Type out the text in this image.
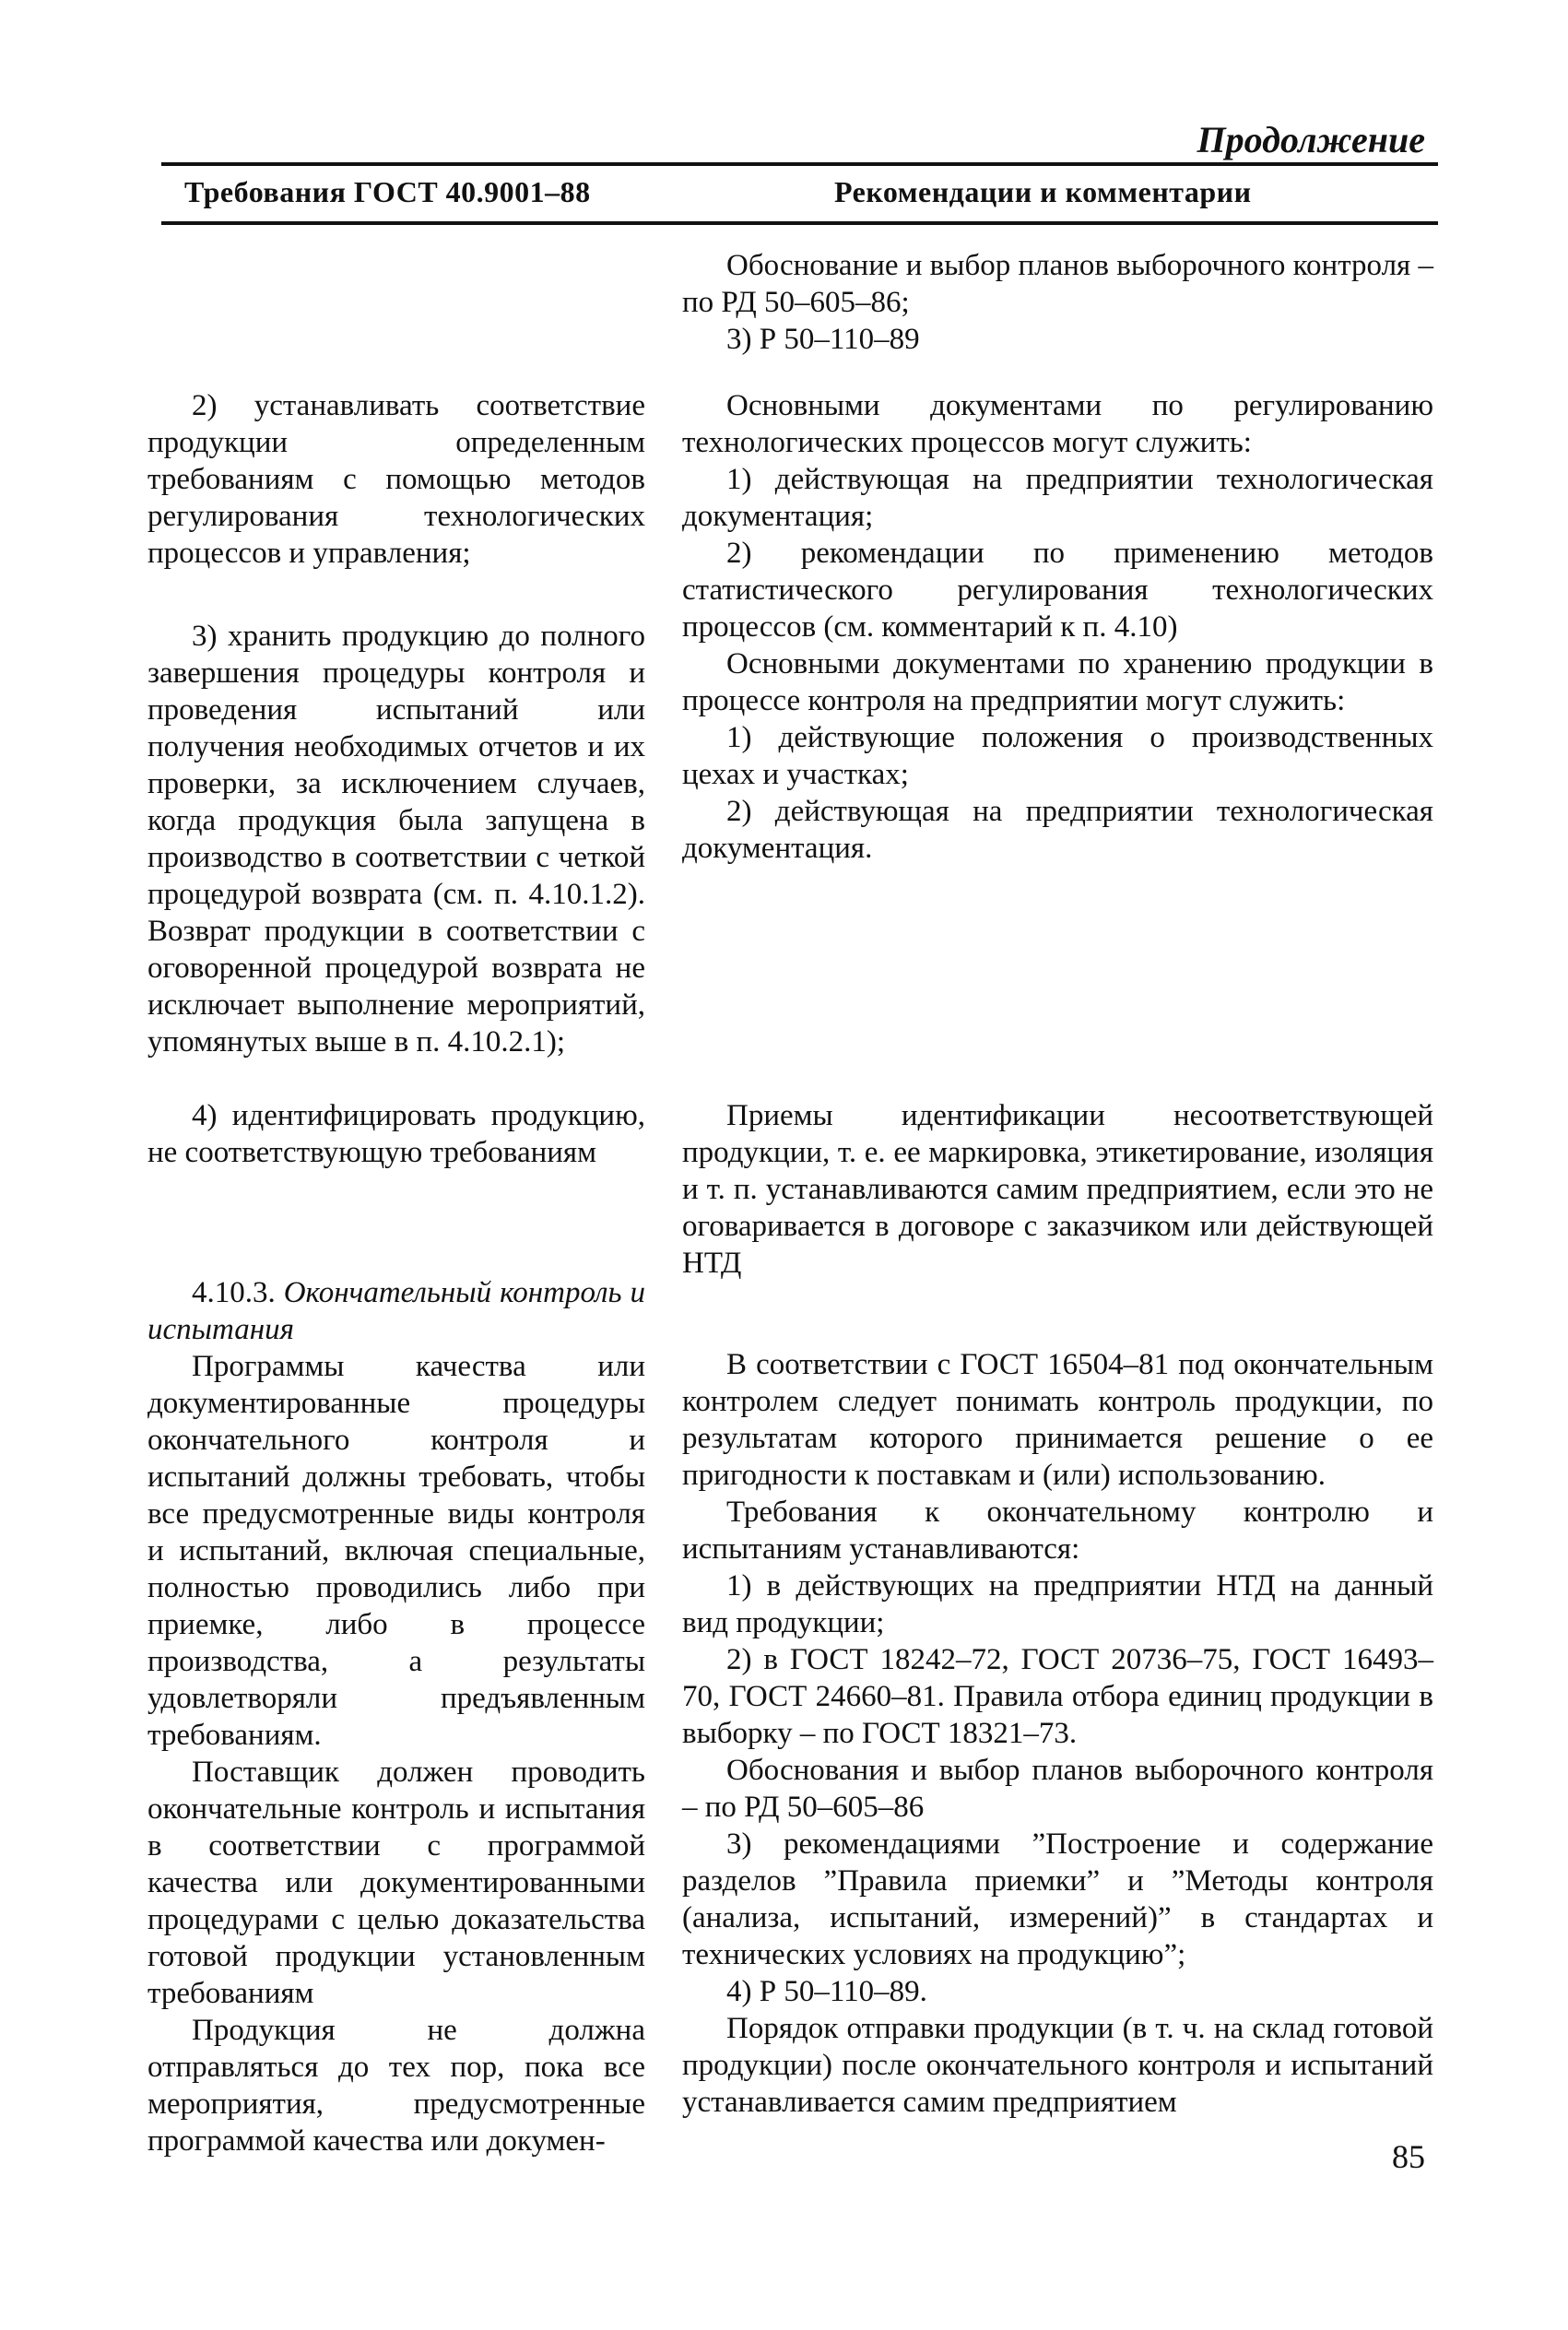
Продолжение

Требования ГОСТ 40.9001–88	Рекомендации и комментарии

2) устанавливать соответствие продукции определенным требованиям с помощью методов регулирования технологических процессов и управления;

3) хранить продукцию до полного завершения процедуры контроля и проведения испытаний или получения необходимых отчетов и их проверки, за исключением случаев, когда продукция была запущена в производство в соответствии с четкой процедурой возврата (см. п. 4.10.1.2). Возврат продукции в соответствии с оговоренной процедурой возврата не исключает выполнение мероприятий, упомянутых выше в п. 4.10.2.1);

4) идентифицировать продукцию, не соответствующую требованиям

4.10.3. Окончательный контроль и испытания

Программы качества или документированные процедуры окончательного контроля и испытаний должны требовать, чтобы все предусмотренные виды контроля и испытаний, включая специальные, полностью проводились либо при приемке, либо в процессе производства, а результаты удовлетворяли предъявленным требованиям.

Поставщик должен проводить окончательные контроль и испытания в соответствии с программой качества или документированными процедурами с целью доказательства готовой продукции установленным требованиям

Продукция не должна отправляться до тех пор, пока все мероприятия, предусмотренные программой качества или докумен-

Обоснование и выбор планов выборочного контроля – по РД 50–605–86;

3) Р 50–110–89

Основными документами по регулированию технологических процессов могут служить:

1) действующая на предприятии технологическая документация;

2) рекомендации по применению методов статистического регулирования технологических процессов (см. комментарий к п. 4.10)

Основными документами по хранению продукции в процессе контроля на предприятии могут служить:

1) действующие положения о производственных цехах и участках;

2) действующая на предприятии технологическая документация.

Приемы идентификации несоответствующей продукции, т. е. ее маркировка, этикетирование, изоляция и т. п. устанавливаются самим предприятием, если это не оговаривается в договоре с заказчиком или действующей НТД

В соответствии с ГОСТ 16504–81 под окончательным контролем следует понимать контроль продукции, по результатам которого принимается решение о ее пригодности к поставкам и (или) использованию.

Требования к окончательному контролю и испытаниям устанавливаются:

1) в действующих на предприятии НТД на данный вид продукции;

2) в ГОСТ 18242–72, ГОСТ 20736–75, ГОСТ 16493–70, ГОСТ 24660–81. Правила отбора единиц продукции в выборку – по ГОСТ 18321–73.

Обоснования и выбор планов выборочного контроля – по РД 50–605–86

3) рекомендациями ”Построение и содержание разделов ”Правила приемки” и ”Методы контроля (анализа, испытаний, измерений)” в стандартах и технических условиях на продукцию”;

4) Р 50–110–89.

Порядок отправки продукции (в т. ч. на склад готовой продукции) после окончательного контроля и испытаний устанавливается самим предприятием

85
